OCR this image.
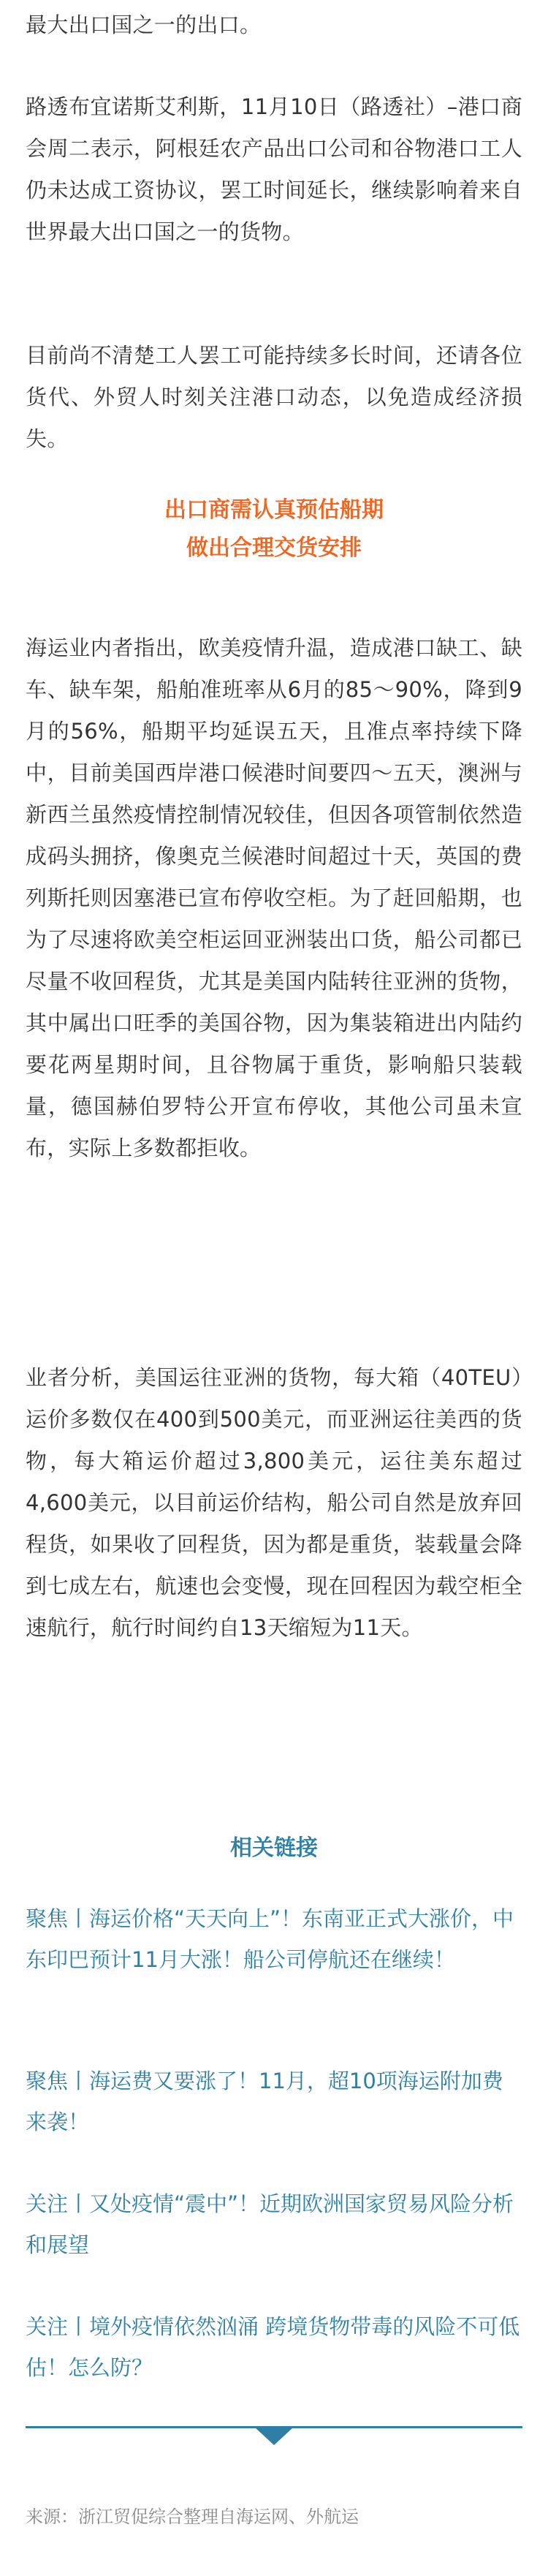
最大出口国之一的出口。

路透布宜诺斯艾利斯，11月10日（路透社）–港口商会周二表示，阿根廷农产品出口公司和谷物港口工人仍未达成工资协议，罢工时间延长，继续影响着来自世界最大出口国之一的货物。

目前尚不清楚工人罢工可能持续多长时间，还请各位货代、外贸人时刻关注港口动态，以免造成经济损失。

出口商需认真预估船期
做出合理交货安排

海运业内者指出，欧美疫情升温，造成港口缺工、缺车、缺车架，船舶准班率从6月的85～90%，降到9月的56%，船期平均延误五天，且准点率持续下降中，目前美国西岸港口候港时间要四～五天，澳洲与新西兰虽然疫情控制情况较佳，但因各项管制依然造成码头拥挤，像奥克兰候港时间超过十天，英国的费列斯托则因塞港已宣布停收空柜。为了赶回船期，也为了尽速将欧美空柜运回亚洲装出口货，船公司都已尽量不收回程货，尤其是美国内陆转往亚洲的货物，其中属出口旺季的美国谷物，因为集装箱进出内陆约要花两星期时间，且谷物属于重货，影响船只装载量，德国赫伯罗特公开宣布停收，其他公司虽未宣布，实际上多数都拒收。

业者分析，美国运往亚洲的货物，每大箱（40TEU）运价多数仅在400到500美元，而亚洲运往美西的货物，每大箱运价超过3,800美元，运往美东超过4,600美元，以目前运价结构，船公司自然是放弃回程货，如果收了回程货，因为都是重货，装载量会降到七成左右，航速也会变慢，现在回程因为载空柜全速航行，航行时间约自13天缩短为11天。

相关链接

聚焦丨海运价格“天天向上”！东南亚正式大涨价，中东印巴预计11月大涨！船公司停航还在继续！

聚焦丨海运费又要涨了！11月，超10项海运附加费来袭！

关注丨又处疫情“震中”！近期欧洲国家贸易风险分析和展望

关注丨境外疫情依然汹涌 跨境货物带毒的风险不可低估！怎么防？

来源：浙江贸促综合整理自海运网、外航运
